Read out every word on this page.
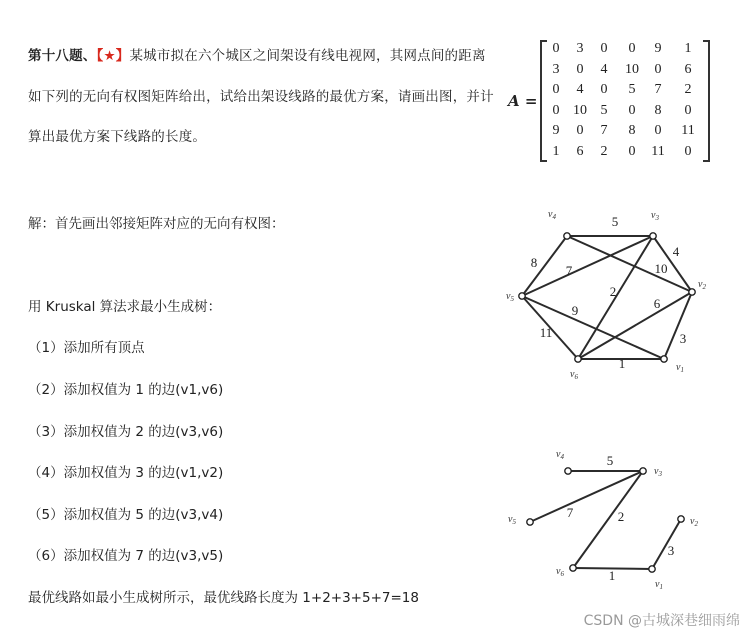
第十八题、【★】某城市拟在六个城区之间架设有线电视网，其网点间的距离如下列的无向有权图矩阵给出，试给出架设线路的最优方案，请画出图，并计算出最优方案下线路的长度。
A =
0	3	0	0	9	1
3	0	4	10	0	6
0	4	0	5	7	2
0 10 5	0	8	0
9	0	7	8	0	11
1	6	2	0	11	0
解：首先画出邻接矩阵对应的无向有权图：
用 Kruskal 算法求最小生成树：
（1）添加所有顶点
（2）添加权值为 1 的边(v1,v6)
（3）添加权值为 2 的边(v3,v6)
（4）添加权值为 3 的边(v1,v2)
（5）添加权值为 5 的边(v3,v4)
（6）添加权值为 7 的边(v3,v5)
最优线路如最小生成树所示，最优线路长度为 1+2+3+5+7=18
5
4
10
8
7
2
9	6
11
1
3
$v_4$	$v_3$
$v_2$
$v_1$
$v_6$
$v_5$
5
7	2
1
3
$v_4$
$v_3$
$v_5$
$v_6$
$v_1$
$v_2$
CSDN @古城深巷细雨绵
